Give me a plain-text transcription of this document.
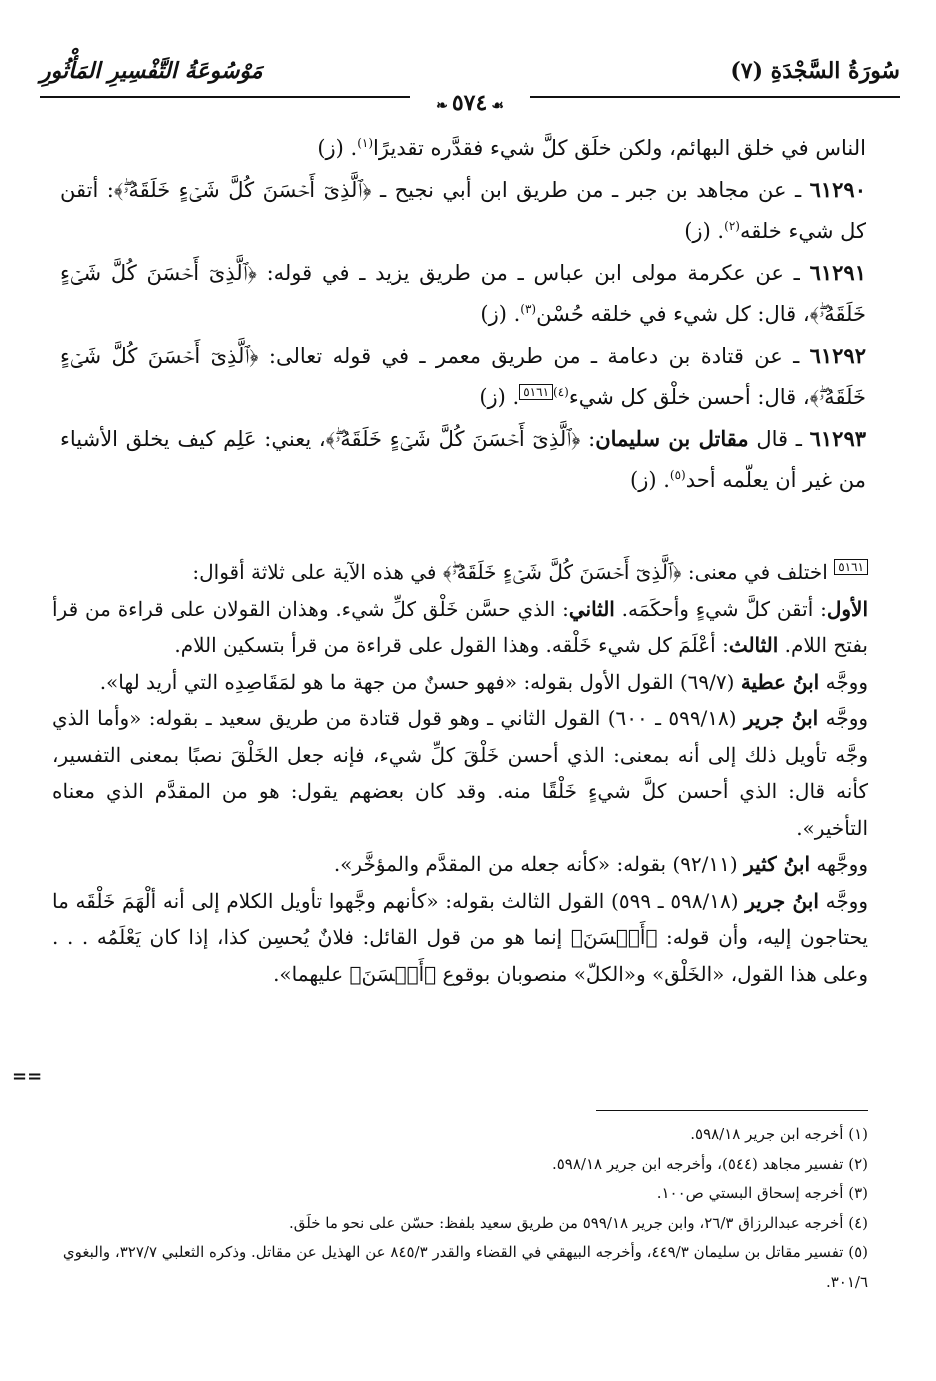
سُورَةُ السَّجْدَةِ (٧)
مَوْسُوعَةُ التَّفْسِيرِ المَأْثُورِ
☙٥٧٤❧

الناس في خلق البهائم، ولكن خلَق كلَّ شيء فقدَّره تقديرًا$^{(١)}$. (ز)

٦١٢٩٠ ـ عن مجاهد بن جبر ـ من طريق ابن أبي نجيح ـ ﴿ٱلَّذِىٓ أَحۡسَنَ كُلَّ شَىۡءٍ خَلَقَهُۥۖ﴾: أتقن كل شيء خلقه$^{(٢)}$. (ز)

٦١٢٩١ ـ عن عكرمة مولى ابن عباس ـ من طريق يزيد ـ في قوله: ﴿ٱلَّذِىٓ أَحۡسَنَ كُلَّ شَىۡءٍ خَلَقَهُۥۖ﴾، قال: كل شيء في خلقه حُسْن$^{(٣)}$. (ز)

٦١٢٩٢ ـ عن قتادة بن دعامة ـ من طريق معمر ـ في قوله تعالى: ﴿ٱلَّذِىٓ أَحۡسَنَ كُلَّ شَىۡءٍ خَلَقَهُۥۖ﴾، قال: أحسن خلْق كل شيء$^{(٤)}$٥١٦١. (ز)

٦١٢٩٣ ـ قال مقاتل بن سليمان: ﴿ٱلَّذِىٓ أَحۡسَنَ كُلَّ شَىۡءٍ خَلَقَهُۥۖ﴾، يعني: عَلِم كيف يخلق الأشياء من غير أن يعلّمه أحد$^{(٥)}$. (ز)

٥١٦١ اختلف في معنى: ﴿ٱلَّذِىٓ أَحۡسَنَ كُلَّ شَىۡءٍ خَلَقَهُۥۖ﴾ في هذه الآية على ثلاثة أقوال:

الأول: أتقن كلَّ شيءٍ وأحكَمَه. الثاني: الذي حسَّن خَلْق كلِّ شيء. وهذان القولان على قراءة من قرأ بفتح اللام. الثالث: أعْلَمَ كل شيء خَلْقه. وهذا القول على قراءة من قرأ بتسكين اللام.

ووجَّه ابنُ عطية (٦٩/٧) القول الأول بقوله: «فهو حسنٌ من جهة ما هو لمَقَاصِدِه التي أريد لها».

ووجَّه ابنُ جرير (٥٩٩/١٨ ـ ٦٠٠) القول الثاني ـ وهو قول قتادة من طريق سعيد ـ بقوله: «وأما الذي وجَّه تأويل ذلك إلى أنه بمعنى: الذي أحسن خَلْقَ كلِّ شيء، فإنه جعل الخَلْقَ نصبًا بمعنى التفسير، كأنه قال: الذي أحسن كلَّ شيءٍ خَلْقًا منه. وقد كان بعضهم يقول: هو من المقدَّم الذي معناه التأخير».

ووجَّهه ابنُ كثير (٩٢/١١) بقوله: «كأنه جعله من المقدَّم والمؤخَّر».

ووجَّه ابنُ جرير (٥٩٨/١٨ ـ ٥٩٩) القول الثالث بقوله: «كأنهم وجَّهوا تأويل الكلام إلى أنه ألْهَمَ خَلْقَه ما يحتاجون إليه، وأن قوله: ﴿أَحۡسَنَ﴾ إنما هو من قول القائل: فلانٌ يُحسِن كذا، إذا كان يَعْلَمُه . . . وعلى هذا القول، «الخَلْق» و«الكلّ» منصوبان بوقوع ﴿أَحۡسَنَ﴾ عليهما».

==

(١) أخرجه ابن جرير ٥٩٨/١٨.

(٢) تفسير مجاهد (٥٤٤)، وأخرجه ابن جرير ٥٩٨/١٨.

(٣) أخرجه إسحاق البستي ص١٠٠.

(٤) أخرجه عبدالرزاق ٢٦/٣، وابن جرير ٥٩٩/١٨ من طريق سعيد بلفظ: حسّن على نحو ما خلَق.

(٥) تفسير مقاتل بن سليمان ٤٤٩/٣، وأخرجه البيهقي في القضاء والقدر ٨٤٥/٣ عن الهذيل عن مقاتل. وذكره الثعلبي ٣٢٧/٧، والبغوي ٣٠١/٦.
